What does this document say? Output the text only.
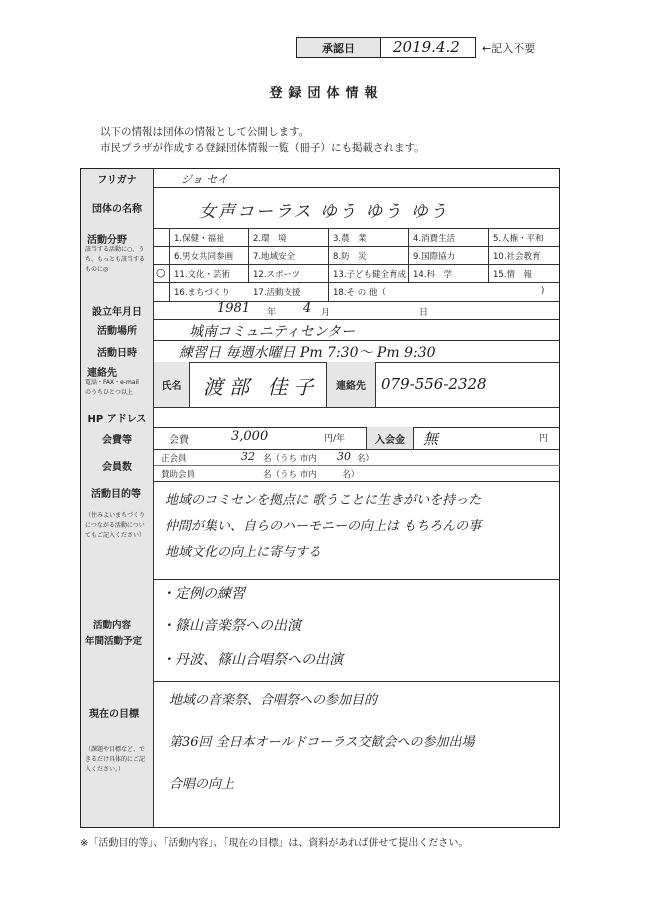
承認日	2019.4.2 ←記入不要
登録団体情報
以下の情報は団体の情報として公開します。
市民プラザが作成する登録団体情報一覧（冊子）にも掲載されます。
フリガナ	ジョ セイ
団体の名称	女声コーラス ゆう ゆう ゆう
活動分野
該当する活動に○、うち、もっとも該当するものに◎
1.保健・福祉	2.環　境	3.農　業	4.消費生活	5.人権・平和
6.男女共同参画 7.地域安全	8.防　災	9.国際協力	10.社会教育
○ 11.文化・芸術	12.スポーツ	13.子ども健全育成 14.科　学	15.情　報
16.まちづくり	17.活動支援	18.そ の 他（	)
設立年月日	1981 年 4 月	日
活動場所	城南コミュニティセンター
活動日時	練習日 毎週水曜日 Pm 7:30〜 Pm 9:30
連絡先
電話・FAX・e-mail のうちひとつ以上
氏名	渡部 佳子	連絡先	079-556-2328
HP アドレス
会費等	会費	3,000	円/年	入会金	無	円
会員数
正会員	32 名（うち 市内 30 名）
賛助会員	名（うち 市内　　　名）
活動目的等
（住みよいまちづくりにつながる活動についてもご記入ください）
地域のコミセンを拠点に 歌うことに生きがいを持った
仲間が集い、自らのハーモニーの向上は もちろんの事
地域文化の向上に寄与する
活動内容
年間活動予定
・定例の練習
・篠山音楽祭への出演
・丹波、篠山合唱祭への出演
現在の目標
（課題や目標など、できるだけ具体的にご記入ください。）
地域の音楽祭、合唱祭への参加目的
第36回 全日本オールドコーラス交歓会への参加出場
合唱の向上
※「活動目的等」、「活動内容」、「現在の目標」は、資料があれば併せて提出ください。
